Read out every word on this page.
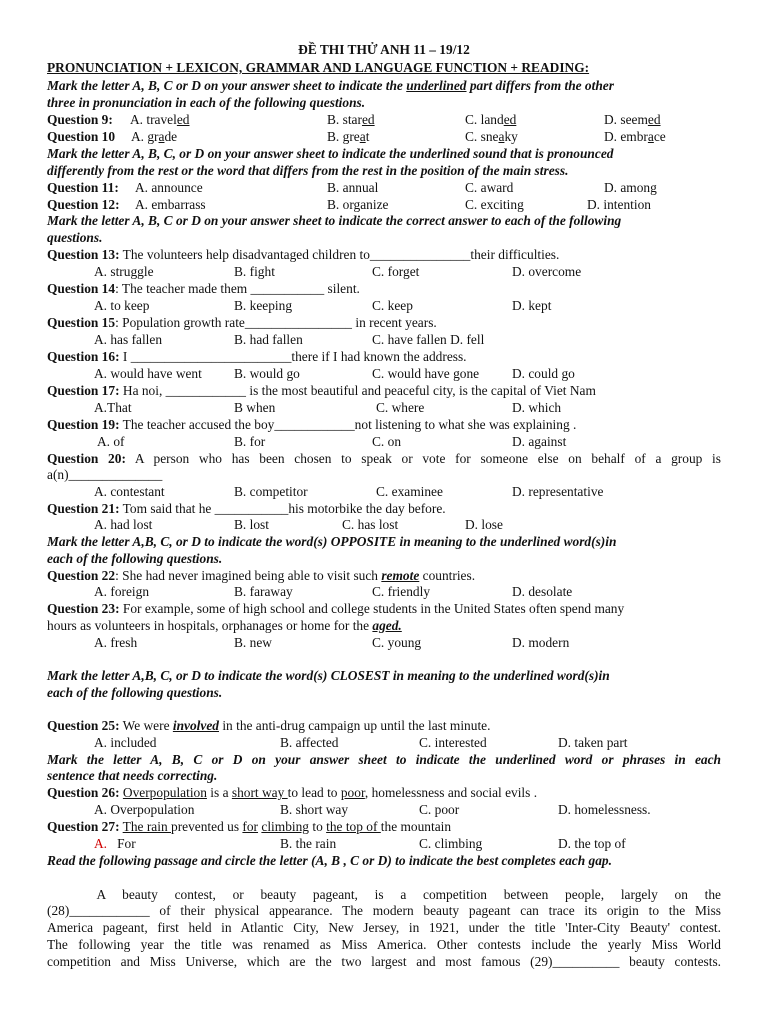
ĐỀ THI THỬ ANH 11 – 19/12
PRONUNCIATION + LEXICON, GRAMMAR AND LANGUAGE FUNCTION + READING:
Mark the letter A, B, C or D on your answer sheet to indicate the underlined part differs from the other
three in pronunciation in each of the following questions.
Question 9: A. traveled	B. stared	C. landed	D. seemed
Question 10 A. grade	B. great	C. sneaky	D. embrace
Mark the letter A, B, C, or D on your answer sheet to indicate the underlined sound that is pronounced
differently from the rest or the word that differs from the rest in the position of the main stress.
Question 11: A. announce	B. annual	C. award	D. among
Question 12: A. embarrass	B. organize	C. exciting	D. intention
Mark the letter A, B, C or D on your answer sheet to indicate the correct answer to each of the following
questions.
Question 13: The volunteers help disadvantaged children to_______________their difficulties.
A. struggle	B. fight	C. forget	D. overcome
Question 14: The teacher made them ___________ silent.
A. to keep	B. keeping	C. keep	D. kept
Question 15: Population growth rate________________ in recent years.
A. has fallen	B. had fallen	C. have fallen D. fell
Question 16: I ________________________there if I had known the address.
A. would have went B. would go	C. would have gone D. could go
Question 17: Ha noi, ____________ is the most beautiful and peaceful city, is the capital of Viet Nam
A.That	B when	C. where	D. which
Question 19: The teacher accused the boy____________not listening to what she was explaining .
A. of	B. for	C. on	D. against
Question 20: A person who has been chosen to speak or vote for someone else on behalf of a group is
a(n)______________
A. contestant	B. competitor	C. examinee	D. representative
Question 21: Tom said that he ___________his motorbike the day before.
A. had lost	B. lost	C. has lost	D. lose
Mark the letter A,B, C, or D to indicate the word(s) OPPOSITE in meaning to the underlined word(s)in
each of the following questions.
Question 22: She had never imagined being able to visit such remote countries.
A. foreign	B. faraway	C. friendly	D. desolate
Question 23: For example, some of high school and college students in the United States often spend many
hours as volunteers in hospitals, orphanages or home for the aged.
A. fresh	B. new	C. young	D. modern
Mark the letter A,B, C, or D to indicate the word(s) CLOSEST in meaning to the underlined word(s)in
each of the following questions.
Question 25: We were involved in the anti-drug campaign up until the last minute.
A. included	B. affected	C. interested	D. taken part
Mark the letter A, B, C or D on your answer sheet to indicate the underlined word or phrases in each
sentence that needs correcting.
Question 26: Overpopulation is a short way to lead to poor, homelessness and social evils .
A. Overpopulation	B. short way	C. poor	D. homelessness.
Question 27: The rain prevented us for climbing to the top of the mountain
A. For	B. the rain	C. climbing	D. the top of
Read the following passage and circle the letter (A, B , C or D) to indicate the best completes each gap.
A  beauty  contest,  or  beauty  pageant,  is  a  competition  between  people,  largely  on  the
(28)____________ of their physical appearance. The modern beauty pageant can trace its origin to the Miss
America pageant, first held in Atlantic City, New Jersey, in 1921, under the title 'Inter-City Beauty' contest.
The following year the title was renamed as Miss America. Other contests include the yearly Miss World
competition and Miss Universe, which are the two largest and most famous (29)__________ beauty contests.
